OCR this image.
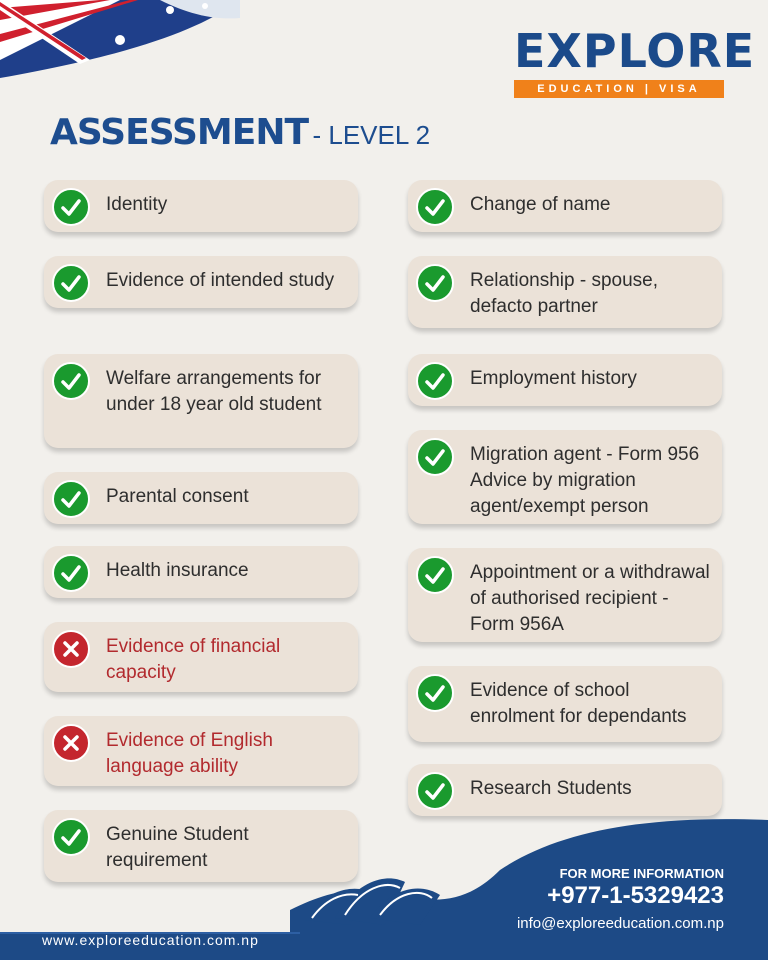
EXPLORE
EDUCATION | VISA
ASSESSMENT - LEVEL 2
Identity
Evidence of intended study
Welfare arrangements for under 18 year old student
Parental consent
Health insurance
Evidence of financial capacity
Evidence of English language ability
Genuine Student requirement
Change of name
Relationship - spouse, defacto partner
Employment history
Migration agent - Form 956 Advice by migration agent/exempt person
Appointment or a withdrawal of authorised recipient - Form 956A
Evidence of school enrolment for dependants
Research Students
www.exploreeducation.com.np
FOR MORE INFORMATION
+977-1-5329423
info@exploreeducation.com.np
